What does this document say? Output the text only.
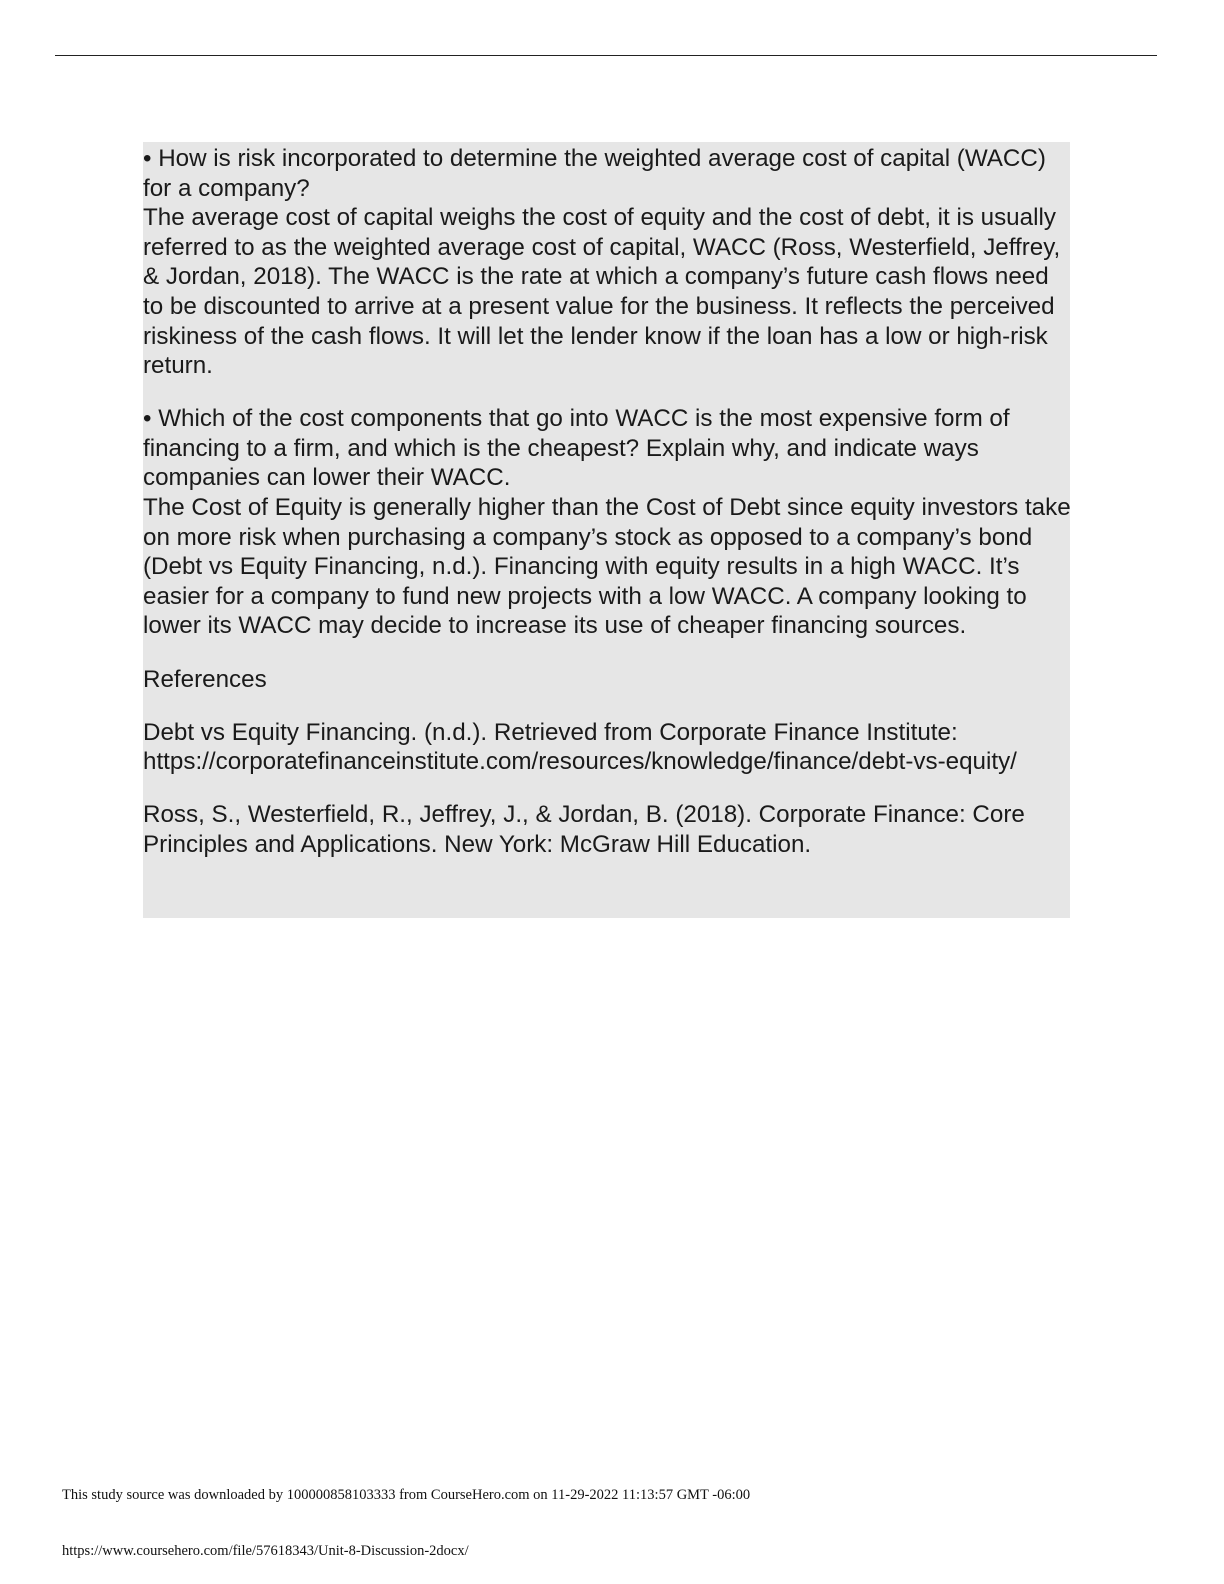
• How is risk incorporated to determine the weighted average cost of capital (WACC) for a company?

The average cost of capital weighs the cost of equity and the cost of debt, it is usually referred to as the weighted average cost of capital, WACC (Ross, Westerfield, Jeffrey, & Jordan, 2018). The WACC is the rate at which a company’s future cash flows need to be discounted to arrive at a present value for the business. It reflects the perceived riskiness of the cash flows. It will let the lender know if the loan has a low or high-risk return.

• Which of the cost components that go into WACC is the most expensive form of financing to a firm, and which is the cheapest? Explain why, and indicate ways companies can lower their WACC.

The Cost of Equity is generally higher than the Cost of Debt since equity investors take on more risk when purchasing a company’s stock as opposed to a company’s bond (Debt vs Equity Financing, n.d.). Financing with equity results in a high WACC. It’s easier for a company to fund new projects with a low WACC. A company looking to lower its WACC may decide to increase its use of cheaper financing sources.

References

Debt vs Equity Financing. (n.d.). Retrieved from Corporate Finance Institute: https://corporatefinanceinstitute.com/resources/knowledge/finance/debt-vs-equity/

Ross, S., Westerfield, R., Jeffrey, J., & Jordan, B. (2018). Corporate Finance: Core Principles and Applications. New York: McGraw Hill Education.

This study source was downloaded by 100000858103333 from CourseHero.com on 11-29-2022 11:13:57 GMT -06:00
https://www.coursehero.com/file/57618343/Unit-8-Discussion-2docx/
